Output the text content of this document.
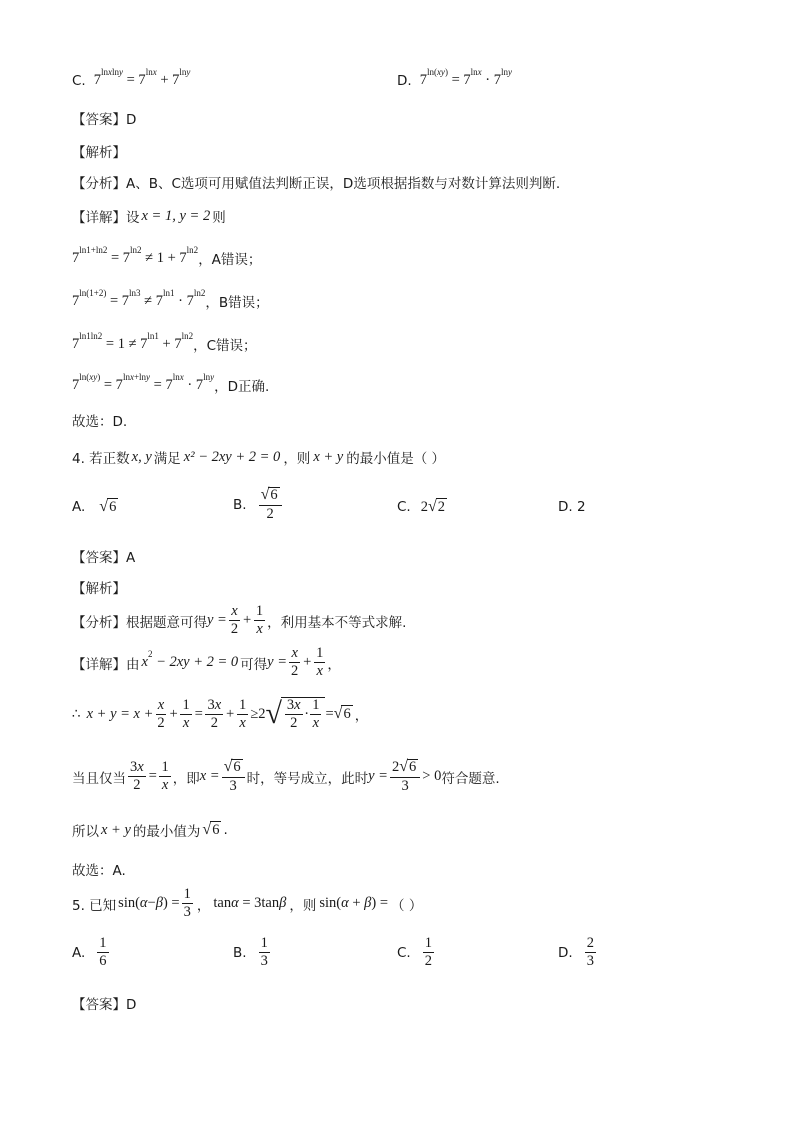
C. $7^{lnxlny} = 7^{lnx} + 7^{lny}$
D. $7^{ln(xy)} = 7^{lnx} \cdot 7^{lny}$
【答案】D
【解析】
【分析】A、B、C选项可用赋值法判断正误，D选项根据指数与对数计算法则判断.
【详解】设 x = 1, y = 2 则
$7^{ln1+ln2} = 7^{ln2} \ne 1 + 7^{ln2}$
，A错误；
$7^{ln(1+2)} = 7^{ln3} \ne 7^{ln1} \cdot 7^{ln2}$
，B错误；
$7^{ln1ln2} = 1 \ne 7^{ln1} + 7^{ln2}$
，C错误；
$7^{ln(xy)} = 7^{lnx+lny} = 7^{lnx} \cdot 7^{lny}$
，D正确.
故选：D.
4. 若正数 x, y 满足 x² − 2xy + 2 = 0 ，则 x + y 的最小值是（ ）
A. √ 6	B. $\frac{√ 6}{2}$	C. 2 √ 2	D. 2
【答案】A
【解析】
【分析】根据题意可得 $y = \frac{x}{2} + \frac{1}{x}$ ，利用基本不等式求解.
【详解】由 $x^2 - 2xy + 2 = 0$ 可得 $y = \frac{x}{2} + \frac{1}{x}$ ，
∴ $x + y = x + \frac{x}{2} + \frac{1}{x} = \frac{3x}{2} + \frac{1}{x} \ge 2$ √ $\frac{3x}{2} \cdot \frac{1}{x}$ = √ 6 ，
当且仅当 $\frac{3x}{2} = \frac{1}{x}$ ，即 $x = \frac{√ 6}{3}$ 时，等号成立，此时 $y = \frac{2 √ 6}{3} > 0$ 符合题意.
所以 x + y 的最小值为 √ 6 .
故选：A.
5. 已知 sin( α − β ) = $\frac{1}{3}$ ， tanα = 3tanβ ，则 sin(α + β) = （ ）
A. $\frac{1}{6}$	B. $\frac{1}{3}$	C. $\frac{1}{2}$	D. $\frac{2}{3}$
【答案】D
